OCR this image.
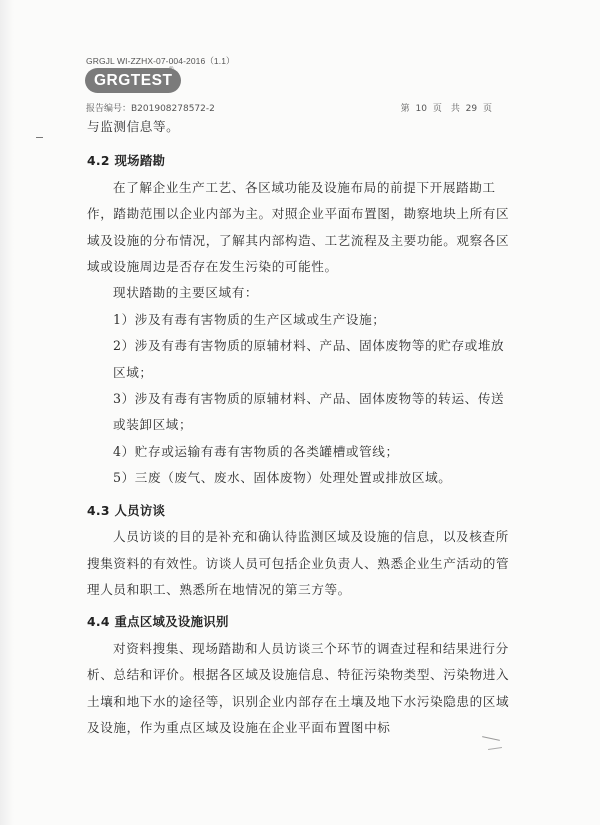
GRGJL WI-ZZHX-07-004-2016（1.1）
GRGTEST
®
报告编号：B201908278572-2	第 10 页　共 29 页

与监测信息等。

4.2 现场踏勘

在了解企业生产工艺、各区域功能及设施布局的前提下开展踏勘工作，踏勘范围以企业内部为主。对照企业平面布置图，勘察地块上所有区域及设施的分布情况，了解其内部构造、工艺流程及主要功能。观察各区域或设施周边是否存在发生污染的可能性。

现状踏勘的主要区域有：

1）涉及有毒有害物质的生产区域或生产设施；

2）涉及有毒有害物质的原辅材料、产品、固体废物等的贮存或堆放区域；

3）涉及有毒有害物质的原辅材料、产品、固体废物等的转运、传送或装卸区域；

4）贮存或运输有毒有害物质的各类罐槽或管线；

5）三废（废气、废水、固体废物）处理处置或排放区域。

4.3 人员访谈

人员访谈的目的是补充和确认待监测区域及设施的信息，以及核查所搜集资料的有效性。访谈人员可包括企业负责人、熟悉企业生产活动的管理人员和职工、熟悉所在地情况的第三方等。

4.4 重点区域及设施识别

对资料搜集、现场踏勘和人员访谈三个环节的调查过程和结果进行分析、总结和评价。根据各区域及设施信息、特征污染物类型、污染物进入土壤和地下水的途径等，识别企业内部存在土壤及地下水污染隐患的区域及设施，作为重点区域及设施在企业平面布置图中标
